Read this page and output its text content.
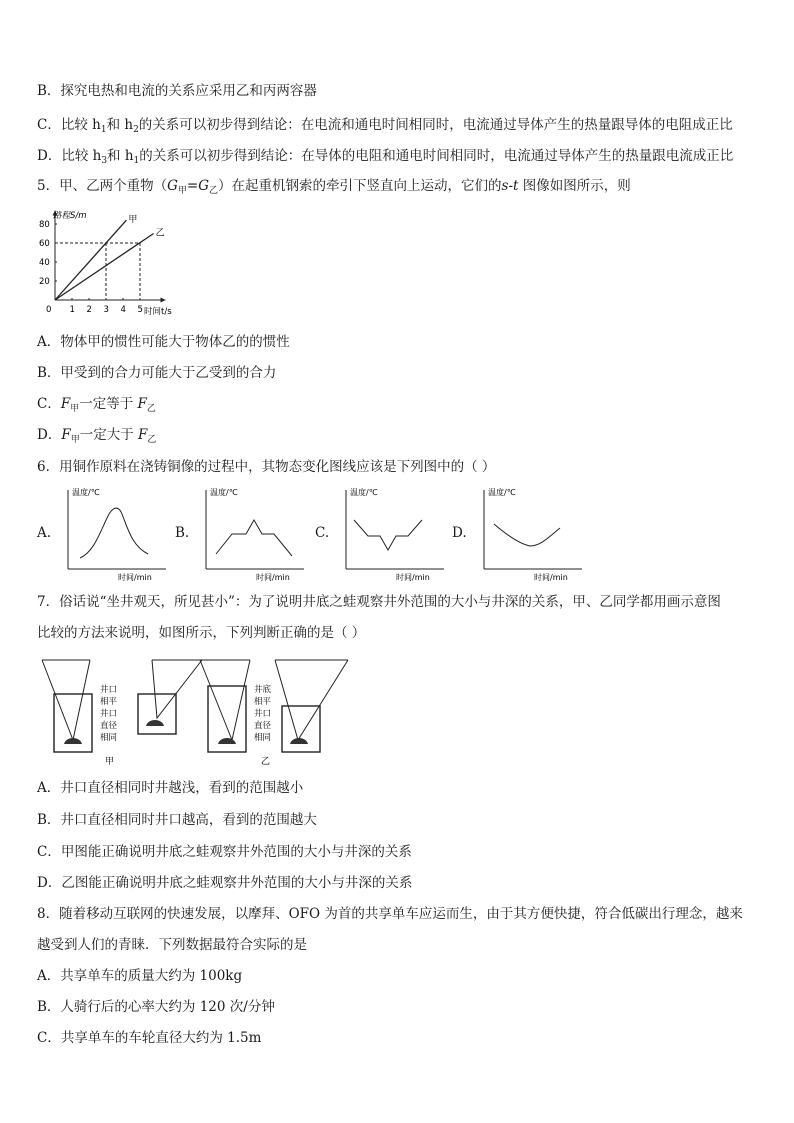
B．探究电热和电流的关系应采用乙和丙两容器
C．比较 $h_1$和 $h_2$的关系可以初步得到结论：在电流和通电时间相同时，电流通过导体产生的热量跟导体的电阻成正比
D．比较 $h_3$和 $h_1$的关系可以初步得到结论：在导体的电阻和通电时间相同时，电流通过导体产生的热量跟电流成正比
5．甲、乙两个重物$(G_甲=G_乙)$在起重机钢索的牵引下竖直向上运动，它们的s-t 图像如图所示，则
路程S/m
时间t/s
0 1 2 3 4 5
20
40
60
80	甲
乙
A．物体甲的惯性可能大于物体乙的的惯性
B．甲受到的合力可能大于乙受到的合力
C．$F_甲$一定等于 $F_乙$
D．$F_甲$一定大于 $F_乙$
6．用铜作原料在浇铸铜像的过程中，其物态变化图线应该是下列图中的（ ）
A.
温度/℃
时间/min
B.
温度/℃
时间/min
C.
温度/℃
时间/min
D.
温度/℃
时间/min
7．俗话说“坐井观天，所见甚小”：为了说明井底之蛙观察井外范围的大小与井深的关系，甲、乙同学都用画示意图
比较的方法来说明，如图所示，下列判断正确的是（ ）
井口 相平 井口 直径 相同
甲
井底 相平 井口 直径 相同
乙
A．井口直径相同时井越浅，看到的范围越小
B．井口直径相同时井口越高，看到的范围越大
C．甲图能正确说明井底之蛙观察井外范围的大小与井深的关系
D．乙图能正确说明井底之蛙观察井外范围的大小与井深的关系
8．随着移动互联网的快速发展，以摩拜、OFO 为首的共享单车应运而生，由于其方便快捷，符合低碳出行理念，越来
越受到人们的青睐．下列数据最符合实际的是
A．共享单车的质量大约为 100kg
B．人骑行后的心率大约为 120 次/分钟
C．共享单车的车轮直径大约为 1.5m
